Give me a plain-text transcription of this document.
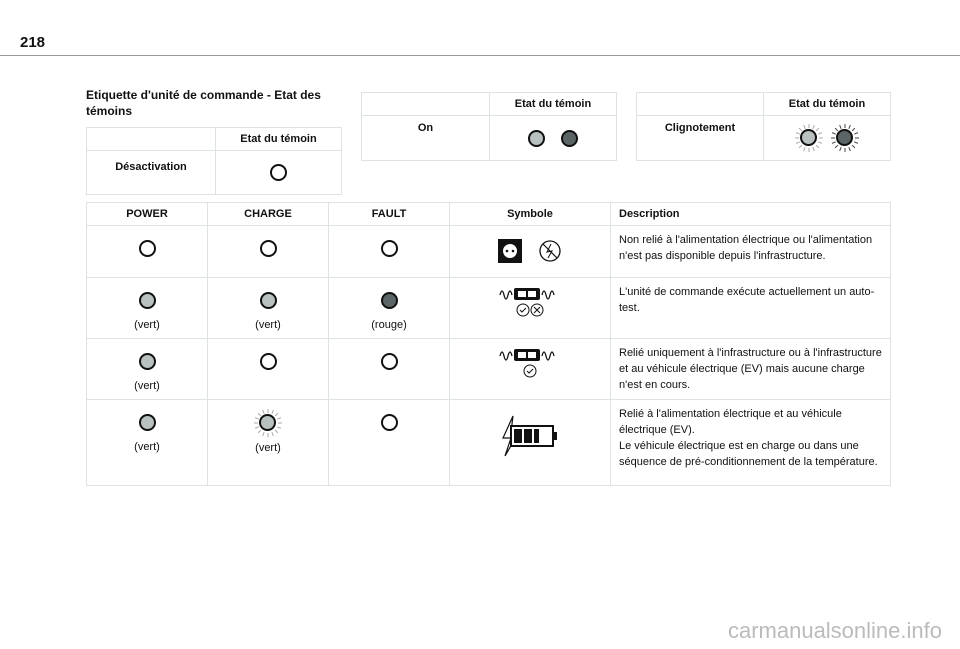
218
Etiquette d'unité de commande - Etat des témoins
	Etat du témoin
Désactivation	
	Etat du témoin
On	
	Etat du témoin
Clignotement	

POWER	CHARGE	FAULT	Symbole	Description
				Non relié à l'alimentation électrique ou l'alimentation n'est pas disponible depuis l'infrastructure.

(vert)	(vert)	(rouge)		L'unité de commande exécute actuellement un auto-test.

(vert)				Relié uniquement à l'infrastructure ou à l'infrastructure et au véhicule électrique (EV) mais aucune charge n'est en cours.

(vert)	(vert)			Relié à l'alimentation électrique et au véhicule électrique (EV).
Le véhicule électrique est en charge ou dans une séquence de pré-conditionnement de la température.
carmanualsonline.info
